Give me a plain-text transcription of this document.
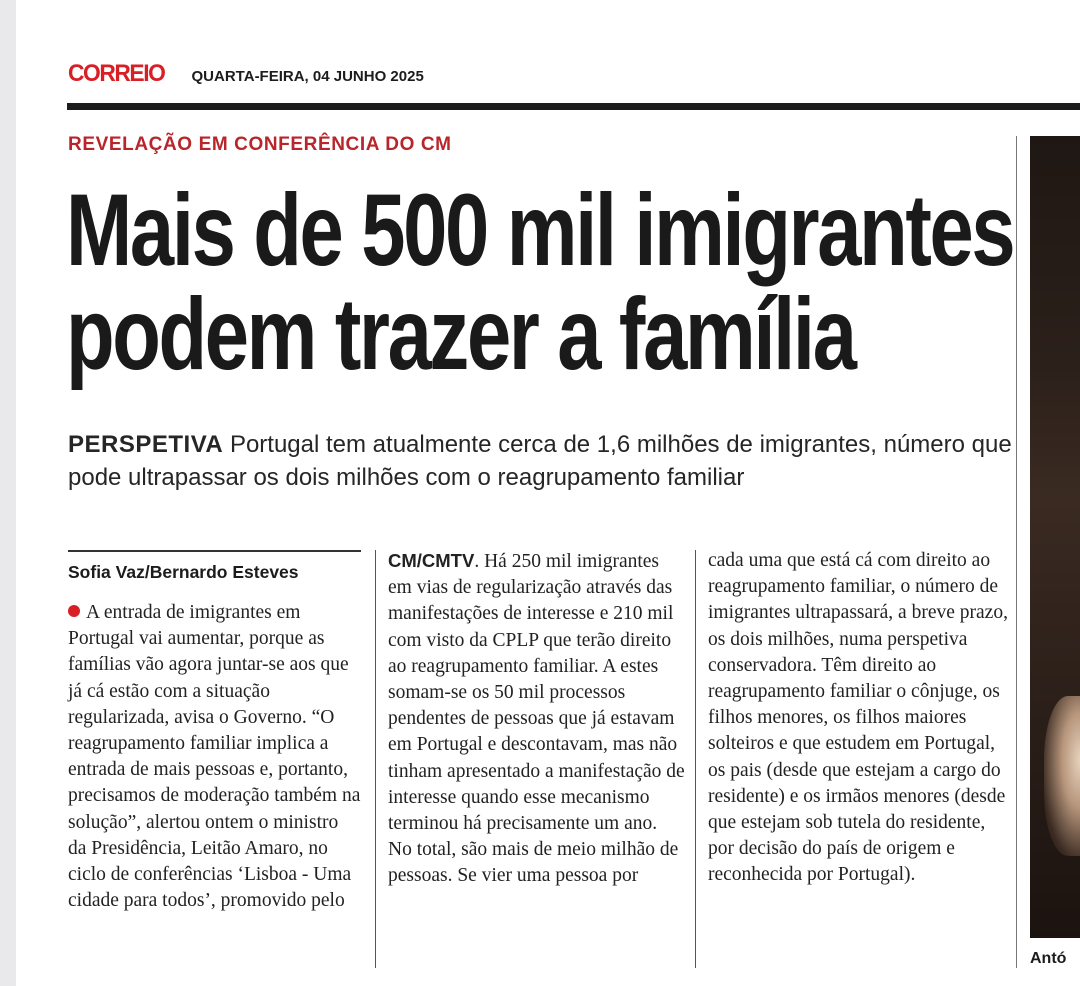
CORREIO QUARTA-FEIRA, 04 JUNHO 2025
REVELAÇÃO EM CONFERÊNCIA DO CM
Mais de 500 mil imigrantes
podem trazer a família
PERSPETIVA Portugal tem atualmente cerca de 1,6 milhões de imigrantes, número que pode ultrapassar os dois milhões com o reagrupamento familiar
Sofia Vaz/Bernardo Esteves

A entrada de imigrantes em Portugal vai aumentar, porque as famílias vão agora juntar-se aos que já cá estão com a situação regularizada, avisa o Governo. “O reagrupamento familiar implica a entrada de mais pessoas e, portanto, precisamos de moderação também na solução”, alertou ontem o ministro da Presidência, Leitão Amaro, no ciclo de conferências ‘Lisboa - Uma cidade para todos’, promovido pelo

CM/CMTV. Há 250 mil imigrantes em vias de regularização através das manifestações de interesse e 210 mil com visto da CPLP que terão direito ao reagrupamento familiar. A estes somam-se os 50 mil processos pendentes de pessoas que já estavam em Portugal e descontavam, mas não tinham apresentado a manifestação de interesse quando esse mecanismo terminou há precisamente um ano. No total, são mais de meio milhão de pessoas. Se vier uma pessoa por

cada uma que está cá com direito ao reagrupamento familiar, o número de imigrantes ultrapassará, a breve prazo, os dois milhões, numa perspetiva conservadora. Têm direito ao reagrupamento familiar o cônjuge, os filhos menores, os filhos maiores solteiros e que estudem em Portugal, os pais (desde que estejam a cargo do residente) e os irmãos menores (desde que estejam sob tutela do residente, por decisão do país de origem e reconhecida por Portugal).

Antó
